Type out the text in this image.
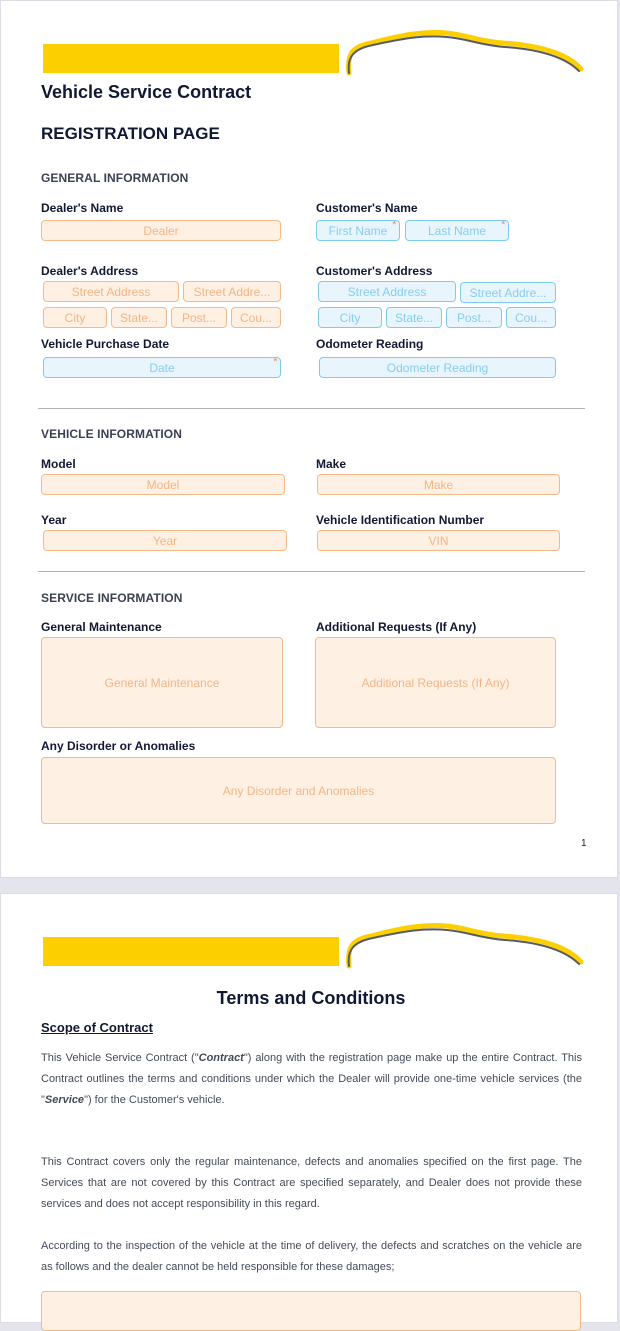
Vehicle Service Contract
REGISTRATION PAGE
GENERAL INFORMATION
Dealer's Name
Dealer
Customer's Name
First Name *	Last Name *
Dealer's Address
Street Address	Street Addre...
City	State... Post... Cou...
Customer's Address
Street Address	Street Addre...
City	State... Post... Cou...
Vehicle Purchase Date
Date	*
Odometer Reading
Odometer Reading
VEHICLE INFORMATION
Model
Model
Make
Make
Year
Year
Vehicle Identification Number
VIN
SERVICE INFORMATION
General Maintenance
General Maintenance
Additional Requests (If Any)
Additional Requests (If Any)
Any Disorder or Anomalies
Any Disorder and Anomalies
1
Terms and Conditions
Scope of Contract
This Vehicle Service Contract ("Contract") along with the registration page make up the entire Contract. This Contract outlines the terms and conditions under which the Dealer will provide one-time vehicle services (the "Service") for the Customer's vehicle.
This Contract covers only the regular maintenance, defects and anomalies specified on the first page. The Services that are not covered by this Contract are specified separately, and Dealer does not provide these services and does not accept responsibility in this regard.
According to the inspection of the vehicle at the time of delivery, the defects and scratches on the vehicle are as follows and the dealer cannot be held responsible for these damages;
